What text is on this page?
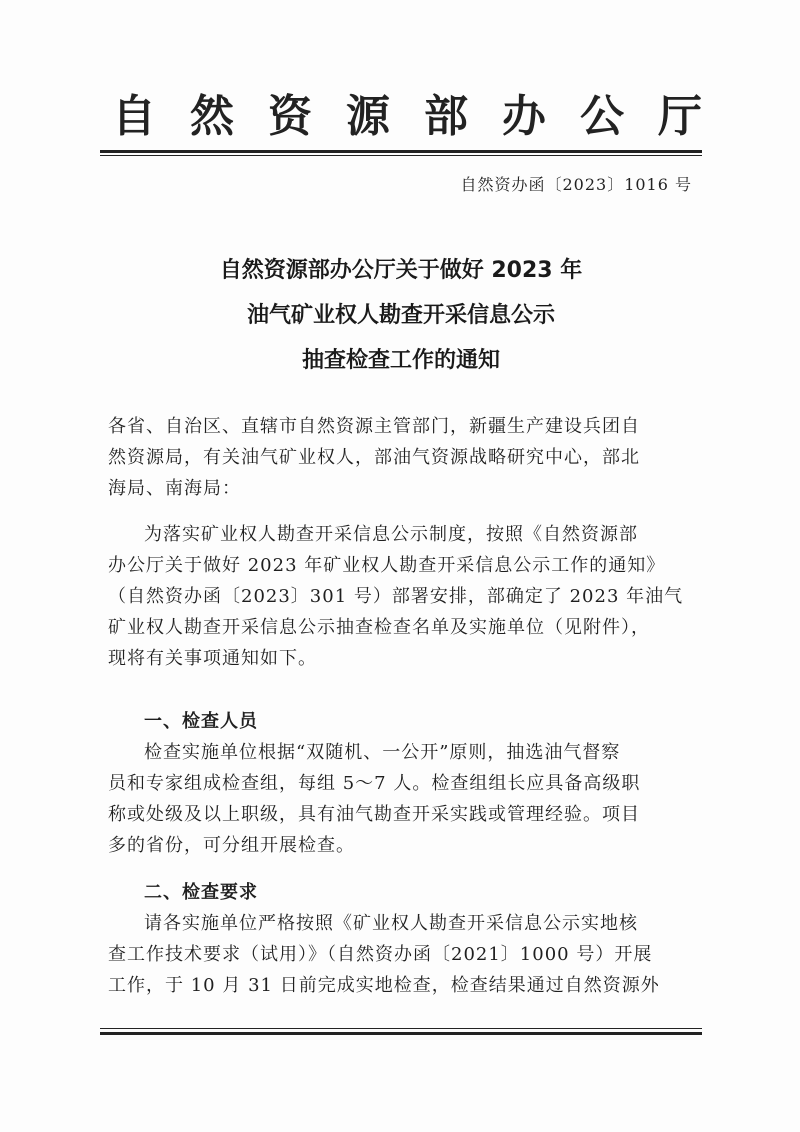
自 然 资 源 部 办 公 厅
自然资办函〔2023〕1016 号
自然资源部办公厅关于做好 2023 年
油气矿业权人勘查开采信息公示
抽查检查工作的通知
各省、自治区、直辖市自然资源主管部门，新疆生产建设兵团自
然资源局，有关油气矿业权人，部油气资源战略研究中心，部北
海局、南海局：
为落实矿业权人勘查开采信息公示制度，按照《自然资源部
办公厅关于做好 2023 年矿业权人勘查开采信息公示工作的通知》
（自然资办函〔2023〕301 号）部署安排，部确定了 2023 年油气
矿业权人勘查开采信息公示抽查检查名单及实施单位（见附件），
现将有关事项通知如下。
一、检查人员
检查实施单位根据“双随机、一公开”原则，抽选油气督察
员和专家组成检查组，每组 5～7 人。检查组组长应具备高级职
称或处级及以上职级，具有油气勘查开采实践或管理经验。项目
多的省份，可分组开展检查。
二、检查要求
请各实施单位严格按照《矿业权人勘查开采信息公示实地核
查工作技术要求（试用）》（自然资办函〔2021〕1000 号）开展
工作，于 10 月 31 日前完成实地检查，检查结果通过自然资源外
